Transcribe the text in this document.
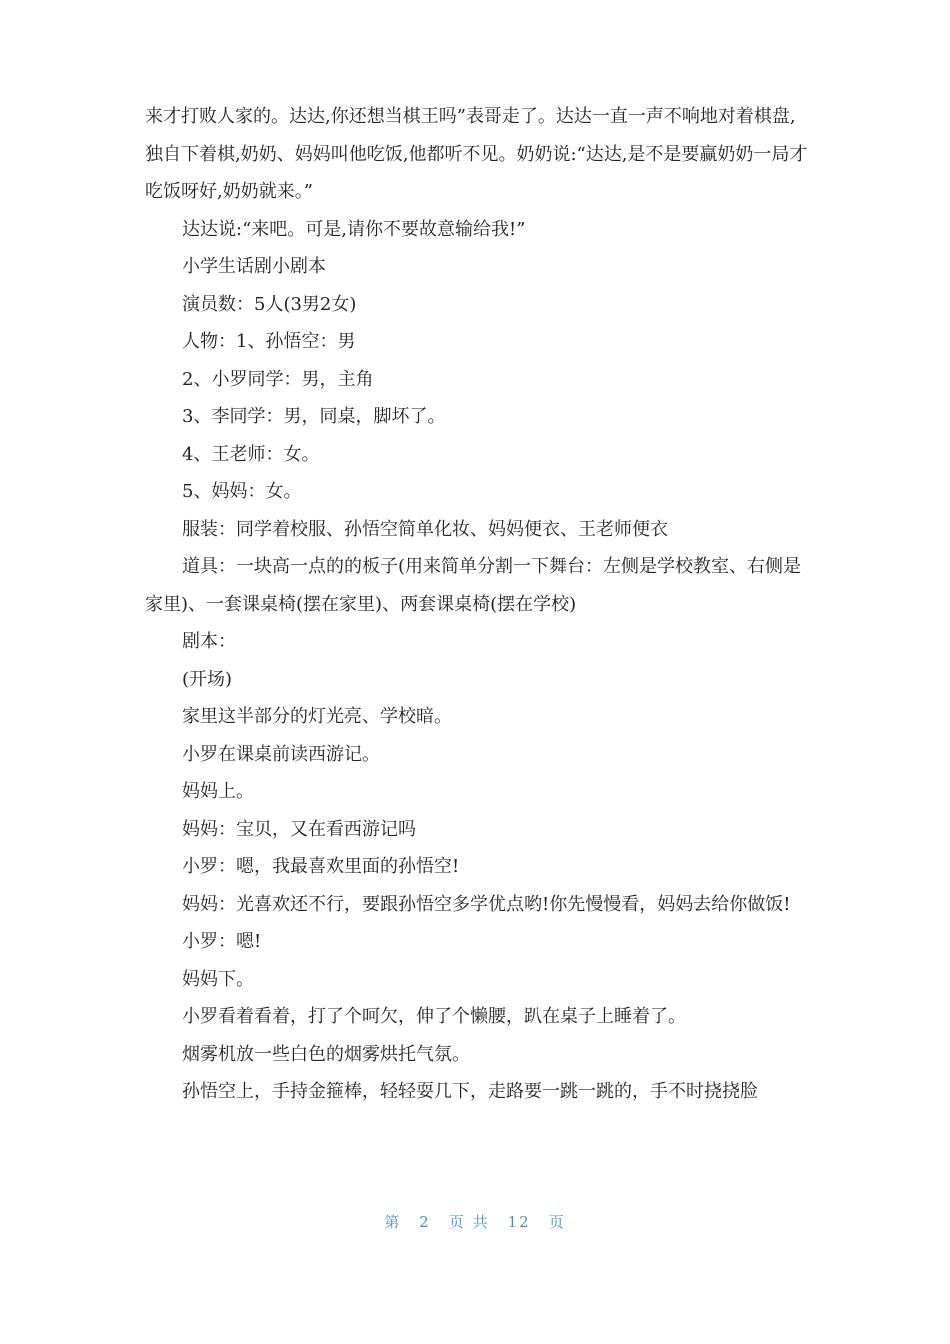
来才打败人家的。达达,你还想当棋王吗”表哥走了。达达一直一声不响地对着棋盘,独自下着棋,奶奶、妈妈叫他吃饭,他都听不见。奶奶说:“达达,是不是要赢奶奶一局才吃饭呀好,奶奶就来。”

达达说:“来吧。可是,请你不要故意输给我!”

小学生话剧小剧本

演员数：5人(3男2女)

人物：1、孙悟空：男

2、小罗同学：男，主角

3、李同学：男，同桌，脚坏了。

4、王老师：女。

5、妈妈：女。

服装：同学着校服、孙悟空简单化妆、妈妈便衣、王老师便衣

道具：一块高一点的的板子(用来简单分割一下舞台：左侧是学校教室、右侧是家里)、一套课桌椅(摆在家里)、两套课桌椅(摆在学校)

剧本：

(开场)

家里这半部分的灯光亮、学校暗。

小罗在课桌前读西游记。

妈妈上。

妈妈：宝贝，又在看西游记吗

小罗：嗯，我最喜欢里面的孙悟空!

妈妈：光喜欢还不行，要跟孙悟空多学优点哟!你先慢慢看，妈妈去给你做饭!

小罗：嗯!

妈妈下。

小罗看着看着，打了个呵欠，伸了个懒腰，趴在桌子上睡着了。

烟雾机放一些白色的烟雾烘托气氛。

孙悟空上，手持金箍棒，轻轻耍几下，走路要一跳一跳的，手不时挠挠脸

第 2 页 共 12 页
